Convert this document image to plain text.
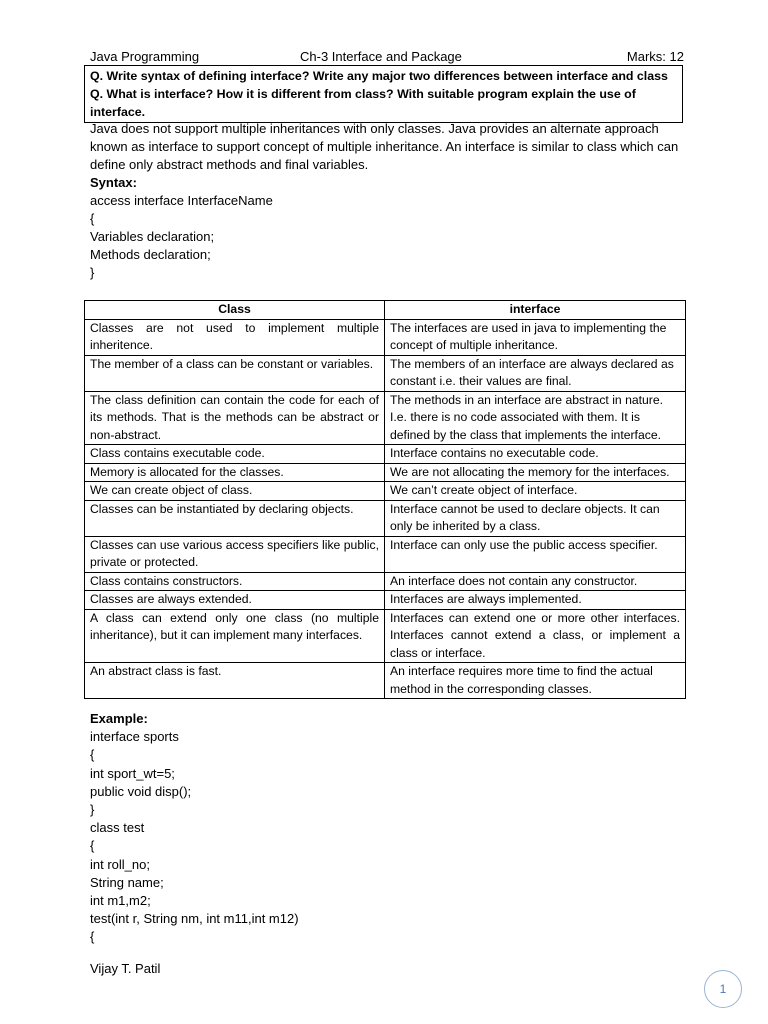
Java Programming	Ch-3 Interface and Package	Marks: 12
Q. Write syntax of defining interface? Write any major two differences between interface and class
Q. What is interface? How it is different from class? With suitable program explain the use of interface.

Java does not support multiple inheritances with only classes. Java provides an alternate approach known as interface to support concept of multiple inheritance. An interface is similar to class which can define only abstract methods and final variables.

Syntax:

access interface InterfaceName

{

Variables declaration;

Methods declaration;

}

Class	interface
Classes are not used to implement multiple inheritence.	The interfaces are used in java to implementing the concept of multiple inheritance.
The member of a class can be constant or variables.	The members of an interface are always declared as constant i.e. their values are final.
The class definition can contain the code for each of its methods. That is the methods can be abstract or non-abstract.	The methods in an interface are abstract in nature. I.e. there is no code associated with them. It is defined by the class that implements the interface.
Class contains executable code.	Interface contains no executable code.
Memory is allocated for the classes.	We are not allocating the memory for the interfaces.
We can create object of class.	We can’t create object of interface.
Classes can be instantiated by declaring objects.	Interface cannot be used to declare objects. It can only be inherited by a class.
Classes can use various access specifiers like public, private or protected.	Interface can only use the public access specifier.
Class contains constructors.	An interface does not contain any constructor.
Classes are always extended.	Interfaces are always implemented.
A class can extend only one class (no multiple inheritance), but it can implement many interfaces.	Interfaces can extend one or more other interfaces. Interfaces cannot extend a class, or implement a class or interface.
An abstract class is fast.	An interface requires more time to find the actual method in the corresponding classes.

Example:

interface sports

{

int sport_wt=5;

public void disp();

}

class test

{

int roll_no;

String name;

int m1,m2;

test(int r, String nm, int m11,int m12)

{

Vijay T. Patil
1
